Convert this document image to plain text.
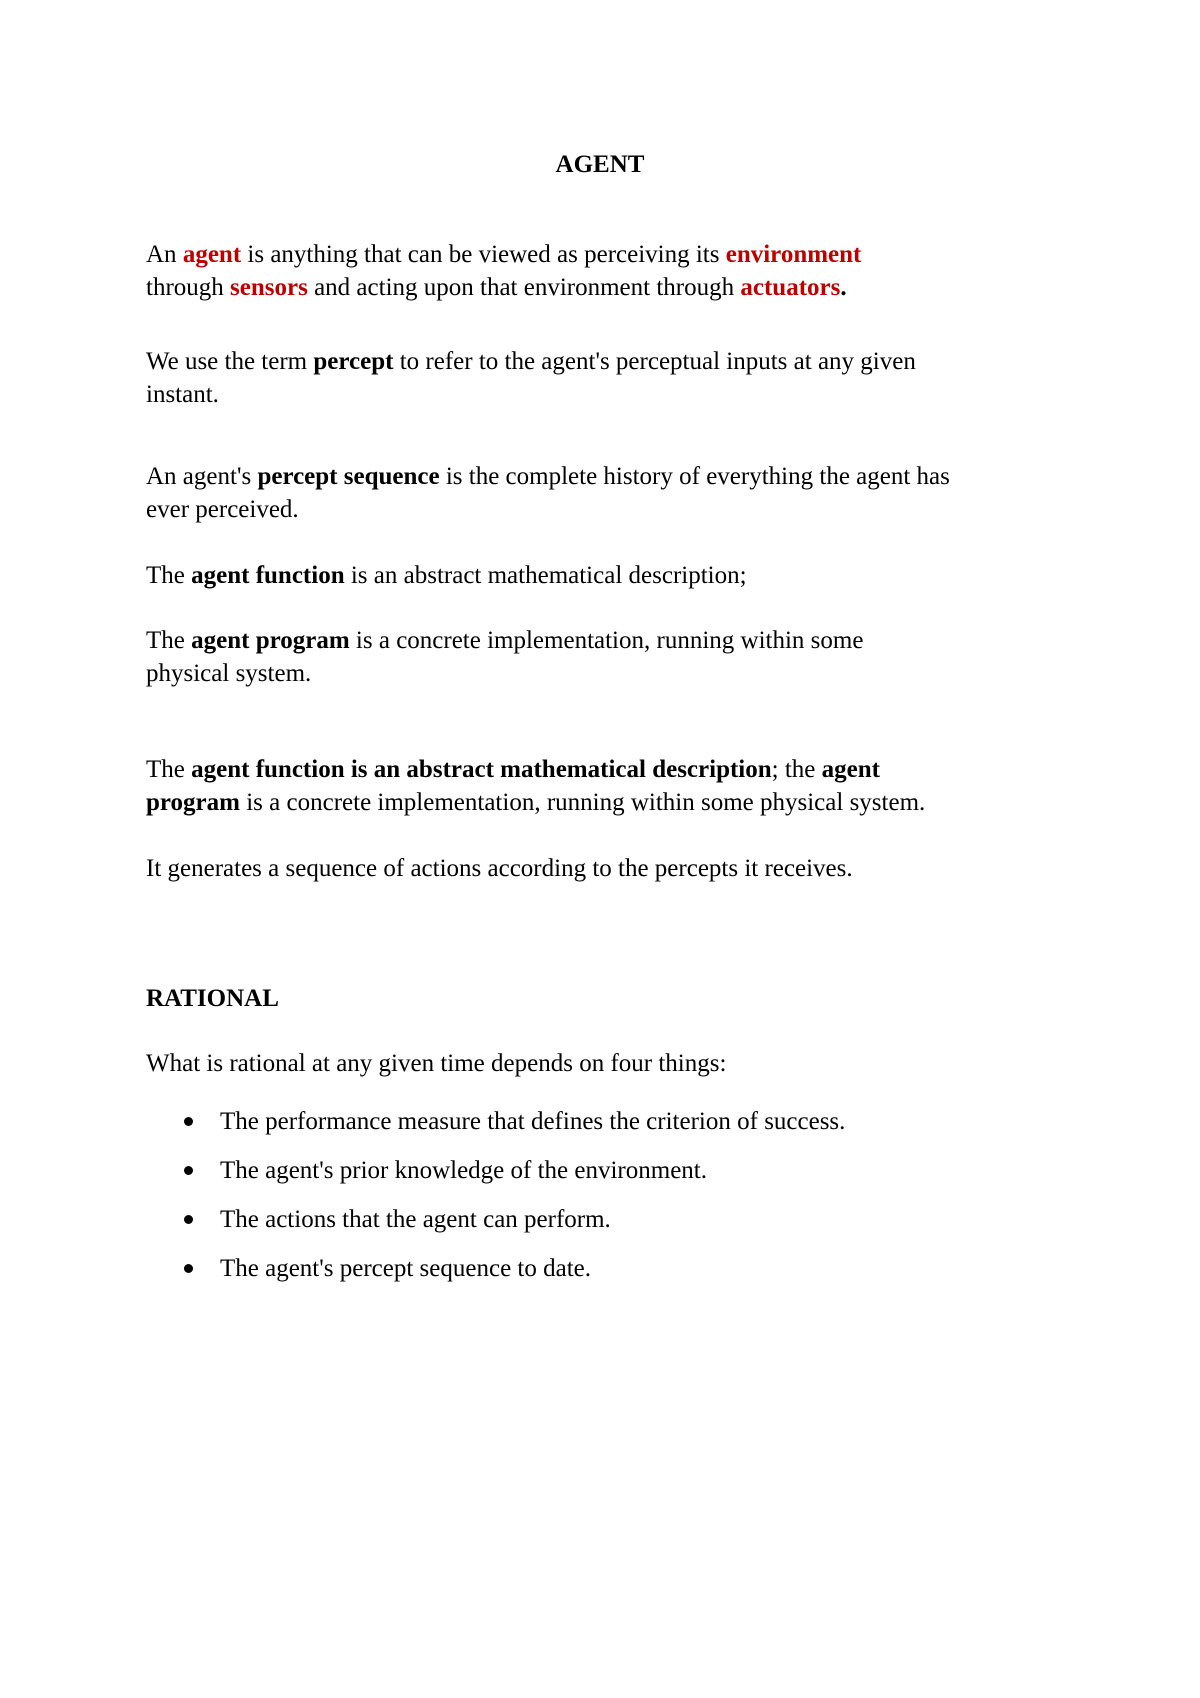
AGENT

An agent is anything that can be viewed as perceiving its environment
through sensors and acting upon that environment through actuators.

We use the term percept to refer to the agent's perceptual inputs at any given
instant.

An agent's percept sequence is the complete history of everything the agent has
ever perceived.

The agent function is an abstract mathematical description;

The agent program is a concrete implementation, running within some
physical system.

The agent function is an abstract mathematical description; the agent
program is a concrete implementation, running within some physical system.

It generates a sequence of actions according to the percepts it receives.

RATIONAL

What is rational at any given time depends on four things:

The performance measure that defines the criterion of success.
The agent's prior knowledge of the environment.
The actions that the agent can perform.
The agent's percept sequence to date.
